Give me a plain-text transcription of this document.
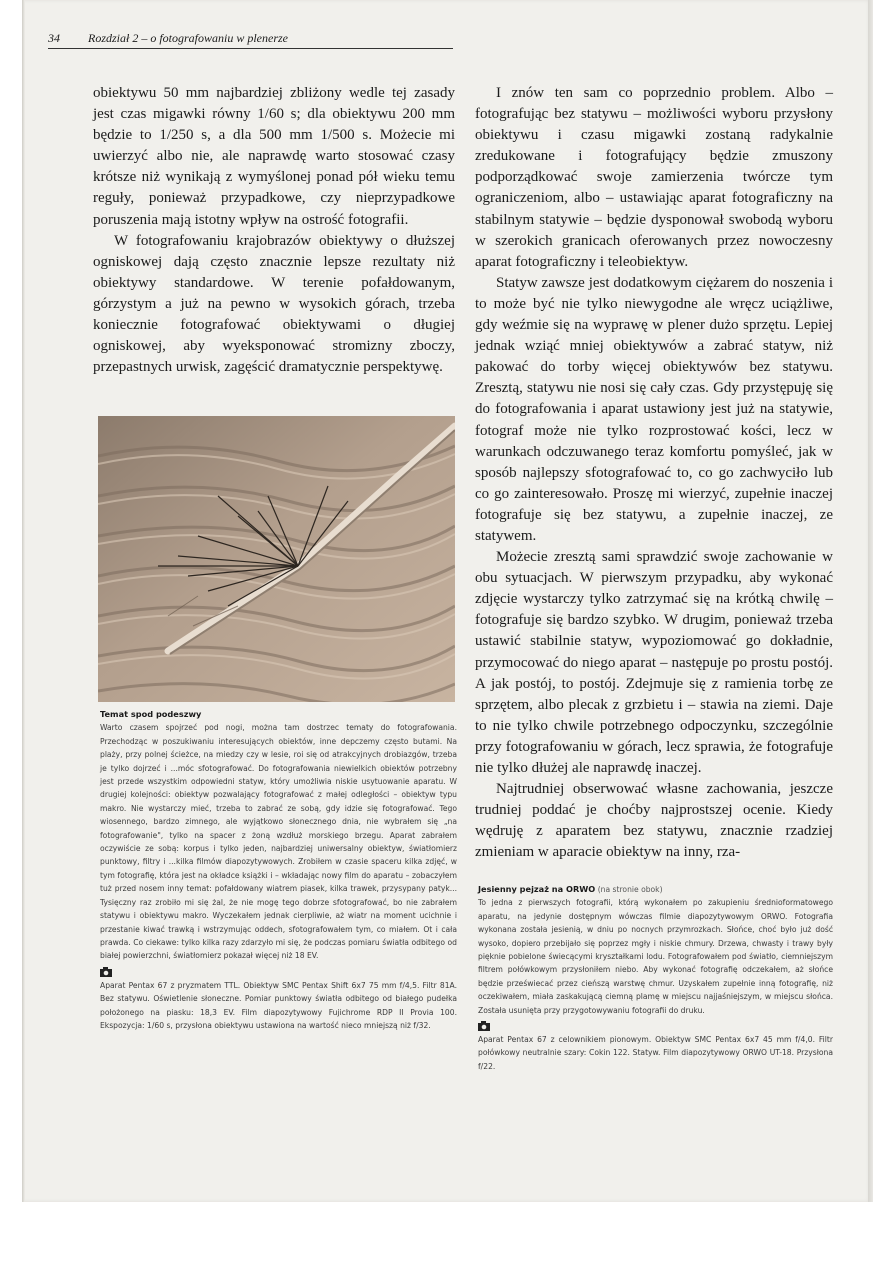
34 Rozdział 2 – o fotografowaniu w plenerze

obiektywu 50 mm najbardziej zbliżony wedle tej zasady jest czas migawki równy 1/60 s; dla obiektywu 200 mm będzie to 1/250 s, a dla 500 mm 1/500 s. Możecie mi uwierzyć albo nie, ale naprawdę warto stosować czasy krótsze niż wynikają z wymyślonej ponad pół wieku temu reguły, ponieważ przypadkowe, czy nieprzypadkowe poruszenia mają istotny wpływ na ostrość fotografii.

W fotografowaniu krajobrazów obiektywy o dłuższej ogniskowej dają często znacznie lepsze rezultaty niż obiektywy standardowe. W terenie pofałdowanym, górzystym a już na pewno w wysokich górach, trzeba koniecznie fotografować obiektywami o długiej ogniskowej, aby wyeksponować stromizny zboczy, przepastnych urwisk, zagęścić dramatycznie perspektywę.

I znów ten sam co poprzednio problem. Albo – fotografując bez statywu – możliwości wyboru przysłony obiektywu i czasu migawki zostaną radykalnie zredukowane i fotografujący będzie zmuszony podporządkować swoje zamierzenia twórcze tym ograniczeniom, albo – ustawiając aparat fotograficzny na stabilnym statywie – będzie dysponował swobodą wyboru w szerokich granicach oferowanych przez nowoczesny aparat fotograficzny i teleobiektyw.

Statyw zawsze jest dodatkowym ciężarem do noszenia i to może być nie tylko niewygodne ale wręcz uciążliwe, gdy weźmie się na wyprawę w plener dużo sprzętu. Lepiej jednak wziąć mniej obiektywów a zabrać statyw, niż pakować do torby więcej obiektywów bez statywu. Zresztą, statywu nie nosi się cały czas. Gdy przystępuję się do fotografowania i aparat ustawiony jest już na statywie, fotograf może nie tylko rozprostować kości, lecz w warunkach odczuwanego teraz komfortu pomyśleć, jak w sposób najlepszy sfotografować to, co go zachwyciło lub co go zainteresowało. Proszę mi wierzyć, zupełnie inaczej fotografuje się bez statywu, a zupełnie inaczej, ze statywem.

Możecie zresztą sami sprawdzić swoje zachowanie w obu sytuacjach. W pierwszym przypadku, aby wykonać zdjęcie wystarczy tylko zatrzymać się na krótką chwilę – fotografuje się bardzo szybko. W drugim, ponieważ trzeba ustawić stabilnie statyw, wypoziomować go dokładnie, przymocować do niego aparat – następuje po prostu postój. A jak postój, to postój. Zdejmuje się z ramienia torbę ze sprzętem, albo plecak z grzbietu i – stawia na ziemi. Daje to nie tylko chwile potrzebnego odpoczynku, szczególnie przy fotografowaniu w górach, lecz sprawia, że fotografuje nie tylko dłużej ale naprawdę inaczej.

Najtrudniej obserwować własne zachowania, jeszcze trudniej poddać je choćby najprostszej ocenie. Kiedy wędruję z aparatem bez statywu, znacznie rzadziej zmieniam w aparacie obiektyw na inny, rza-

Temat spod podeszwy

Warto czasem spojrzeć pod nogi, można tam dostrzec tematy do fotografowania. Przechodząc w poszukiwaniu interesujących obiektów, inne depczemy często butami. Na plaży, przy polnej ścieżce, na miedzy czy w lesie, roi się od atrakcyjnych drobiazgów, trzeba je tylko dojrzeć i ...móc sfotografować. Do fotografowania niewielkich obiektów potrzebny jest przede wszystkim odpowiedni statyw, który umożliwia niskie usytuowanie aparatu. W drugiej kolejności: obiektyw pozwalający fotografować z małej odległości – obiektyw typu makro. Nie wystarczy mieć, trzeba to zabrać ze sobą, gdy idzie się fotografować. Tego wiosennego, bardzo zimnego, ale wyjątkowo słonecznego dnia, nie wybrałem się „na fotografowanie", tylko na spacer z żoną wzdłuż morskiego brzegu. Aparat zabrałem oczywiście ze sobą: korpus i tylko jeden, najbardziej uniwersalny obiektyw, światłomierz punktowy, filtry i ...kilka filmów diapozytywowych. Zrobiłem w czasie spaceru kilka zdjęć, w tym fotografię, która jest na okładce książki i – wkładając nowy film do aparatu – zobaczyłem tuż przed nosem inny temat: pofałdowany wiatrem piasek, kilka trawek, przysypany patyk... Tysięczny raz zrobiło mi się żal, że nie mogę tego dobrze sfotografować, bo nie zabrałem statywu i obiektywu makro. Wyczekałem jednak cierpliwie, aż wiatr na moment ucichnie i przestanie kiwać trawką i wstrzymując oddech, sfotografowałem tym, co miałem. Ot i cała prawda. Co ciekawe: tylko kilka razy zdarzyło mi się, że podczas pomiaru światła odbitego od białej powierzchni, światłomierz pokazał więcej niż 18 EV.

Aparat Pentax 67 z pryzmatem TTL. Obiektyw SMC Pentax Shift 6x7 75 mm f/4,5. Filtr 81A. Bez statywu. Oświetlenie słoneczne. Pomiar punktowy światła odbitego od białego pudełka położonego na piasku: 18,3 EV. Film diapozytywowy Fujichrome RDP II Provia 100. Ekspozycja: 1/60 s, przysłona obiektywu ustawiona na wartość nieco mniejszą niż f/32.

Jesienny pejzaż na ORWO (na stronie obok)

To jedna z pierwszych fotografii, którą wykonałem po zakupieniu średnioformatowego aparatu, na jedynie dostępnym wówczas filmie diapozytywowym ORWO. Fotografia wykonana została jesienią, w dniu po nocnych przymrozkach. Słońce, choć było już dość wysoko, dopiero przebijało się poprzez mgły i niskie chmury. Drzewa, chwasty i trawy były pięknie pobielone świecącymi kryształkami lodu. Fotografowałem pod światło, ciemniejszym filtrem połówkowym przysłoniłem niebo. Aby wykonać fotografię odczekałem, aż słońce będzie przeświecać przez cieńszą warstwę chmur. Uzyskałem zupełnie inną fotografię, niż oczekiwałem, miała zaskakującą ciemną plamę w miejscu najjaśniejszym, w miejscu słońca. Została usunięta przy przygotowywaniu fotografii do druku.

Aparat Pentax 67 z celownikiem pionowym. Obiektyw SMC Pentax 6x7 45 mm f/4,0. Filtr połówkowy neutralnie szary: Cokin 122. Statyw. Film diapozytywowy ORWO UT-18. Przysłona f/22.
